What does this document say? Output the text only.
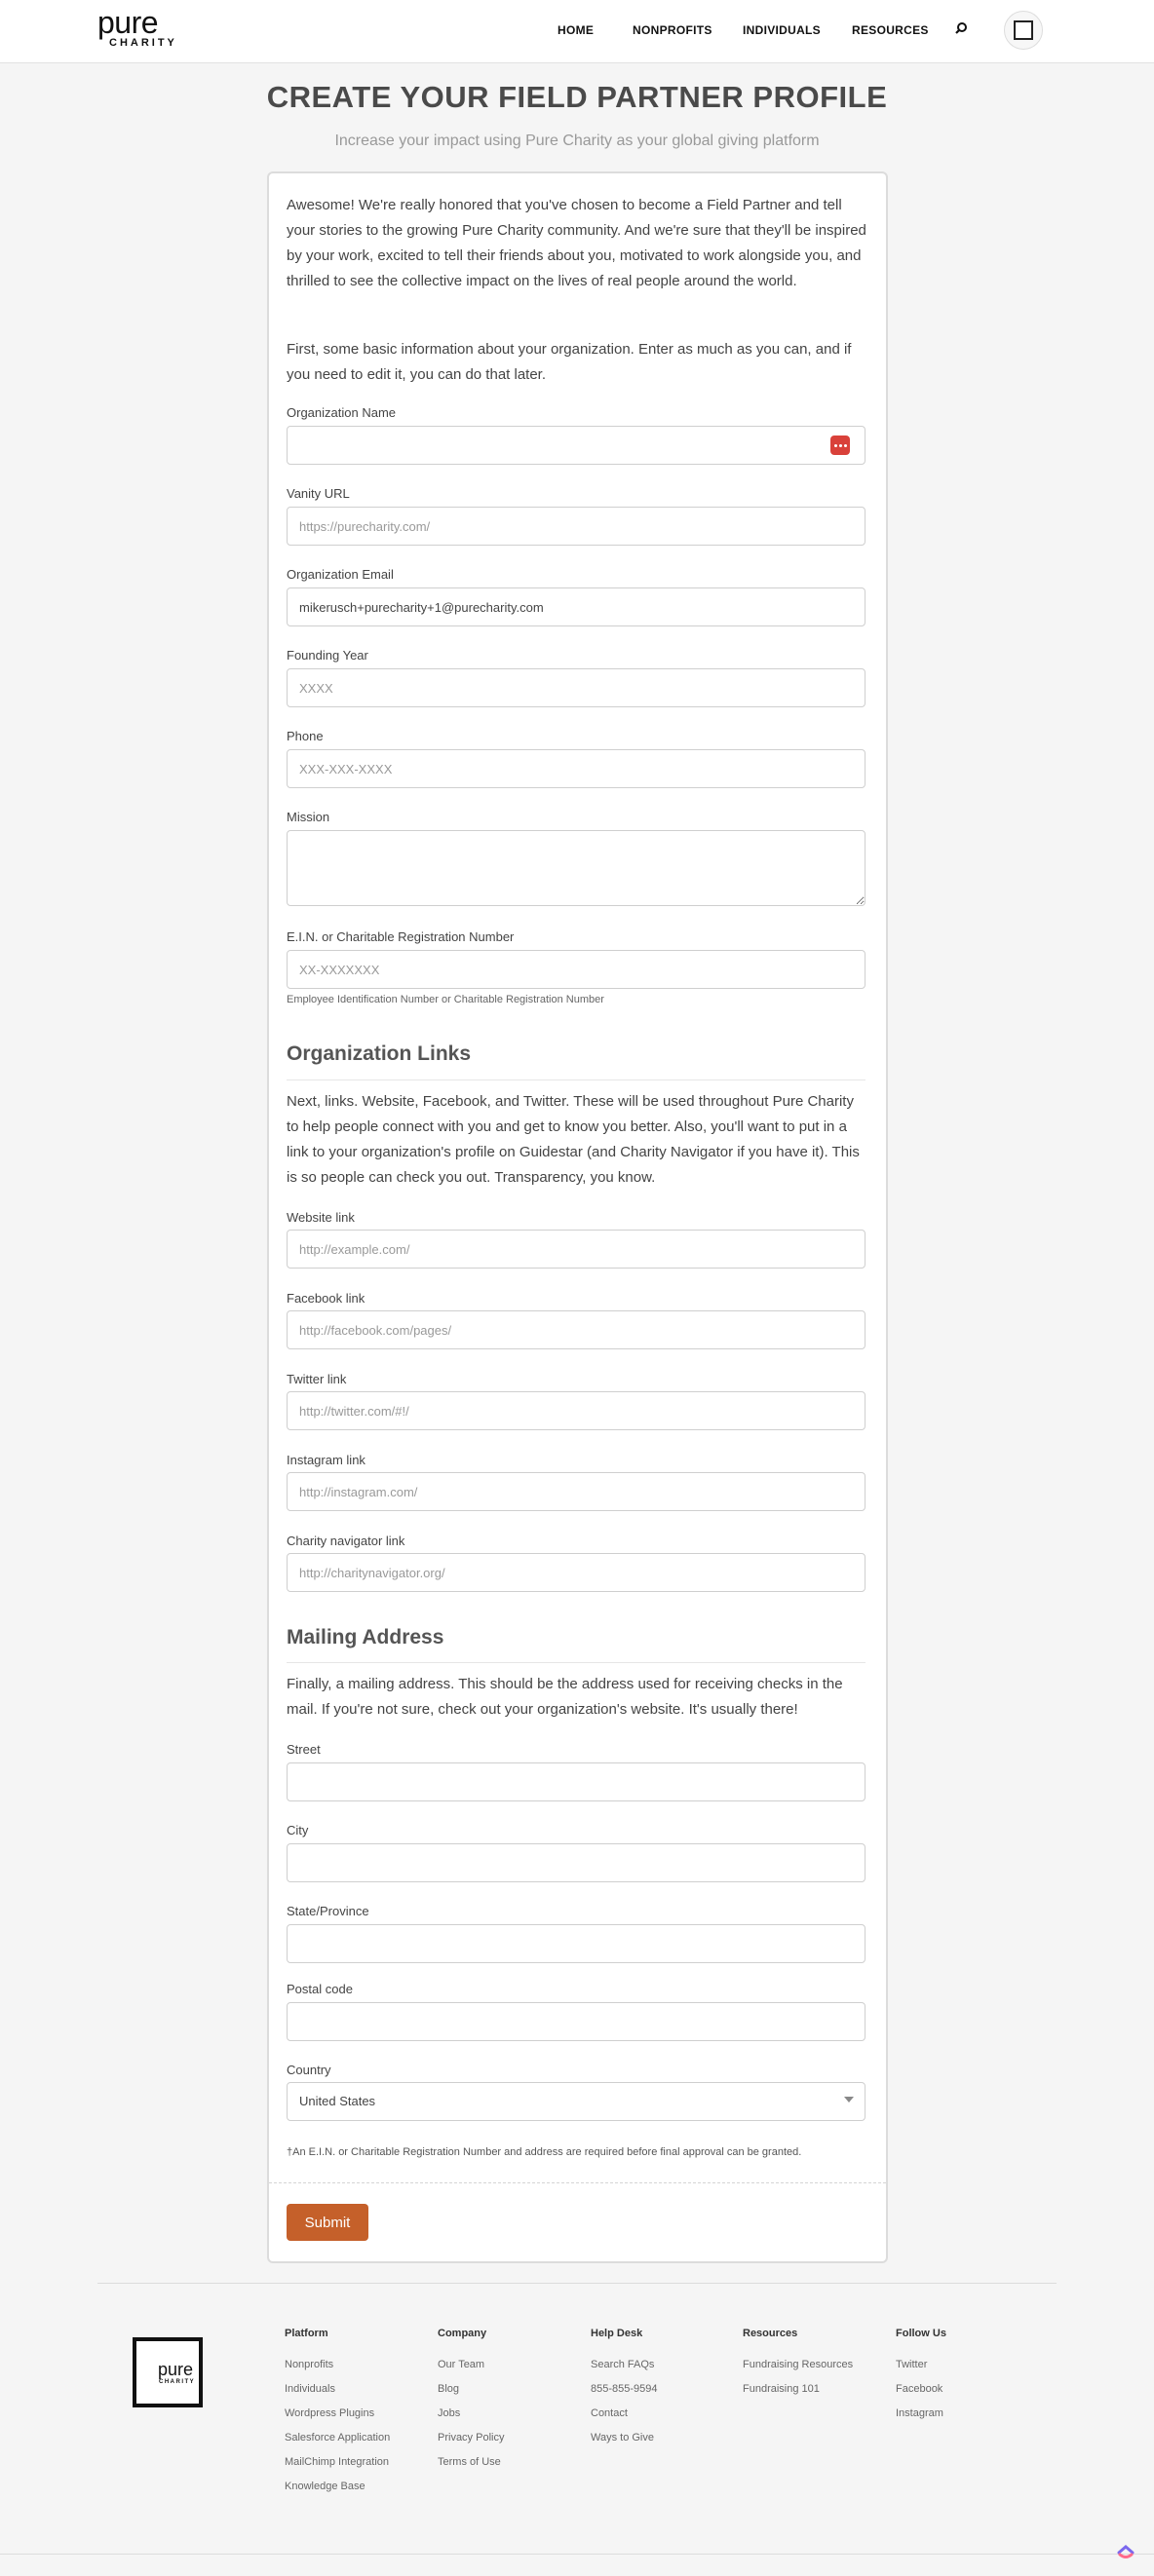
pure
CHARITY
HOME	NONPROFITS	INDIVIDUALS	RESOURCES
CREATE YOUR FIELD PARTNER PROFILE
Increase your impact using Pure Charity as your global giving platform

Awesome! We're really honored that you've chosen to become a Field Partner and tell your stories to the growing Pure Charity community. And we're sure that they'll be inspired by your work, excited to tell their friends about you, motivated to work alongside you, and thrilled to see the collective impact on the lives of real people around the world.

First, some basic information about your organization. Enter as much as you can, and if you need to edit it, you can do that later.

Organization Name
Vanity URL
https://purecharity.com/
Organization Email
mikerusch+purecharity+1@purecharity.com
Founding Year
XXXX
Phone
XXX-XXX-XXXX
Mission
E.I.N. or Charitable Registration Number
XX-XXXXXXX
Employee Identification Number or Charitable Registration Number
Organization Links

Next, links. Website, Facebook, and Twitter. These will be used throughout Pure Charity to help people connect with you and get to know you better. Also, you'll want to put in a link to your organization's profile on Guidestar (and Charity Navigator if you have it). This is so people can check you out. Transparency, you know.

Website link
http://example.com/
Facebook link
http://facebook.com/pages/
Twitter link
http://twitter.com/#!/
Instagram link
http://instagram.com/
Charity navigator link
http://charitynavigator.org/
Mailing Address

Finally, a mailing address. This should be the address used for receiving checks in the mail. If you're not sure, check out your organization's website. It's usually there!

Street
City
State/Province
Postal code
Country
United States
†An E.I.N. or Charitable Registration Number and address are required before final approval can be granted.
Submit
pure
CHARITY
Platform
Nonprofits
Individuals
Wordpress Plugins
Salesforce Application
MailChimp Integration
Knowledge Base
Company
Our Team
Blog
Jobs
Privacy Policy
Terms of Use
Help Desk
Search FAQs
855-855-9594
Contact
Ways to Give
Resources
Fundraising Resources
Fundraising 101
Follow Us
Twitter
Facebook
Instagram
